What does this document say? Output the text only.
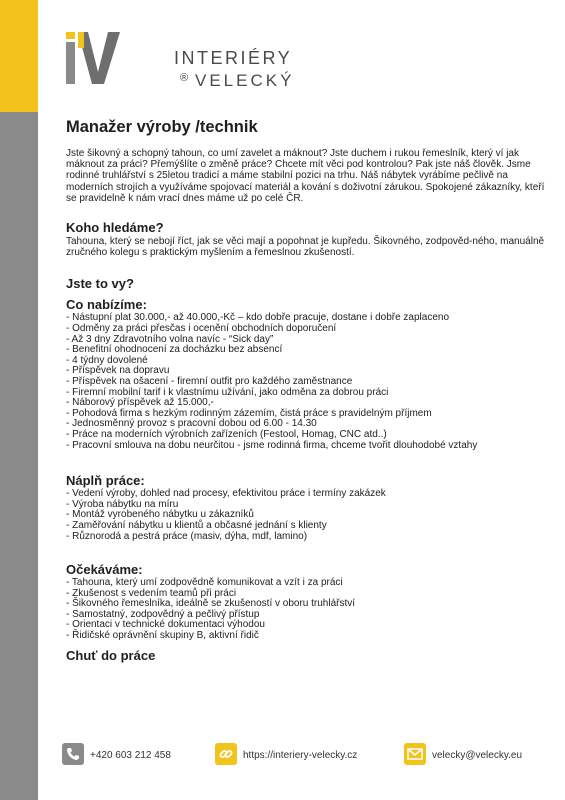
INTERIÉRY
® VELECKÝ
Manažer výroby /technik

Jste šikovný a schopný tahoun, co umí zavelet a máknout? Jste duchem i rukou řemeslník, který ví jak máknout za práci? Přemýšlíte o změně práce? Chcete mít věci pod kontrolou? Pak jste náš člověk. Jsme rodinné truhlářství s 25letou tradicí a máme stabilní pozici na trhu. Náš nábytek vyrábíme pečlivě na moderních strojích a využíváme spojovací materiál a kování s doživotní zárukou. Spokojené zákazníky, kteří se pravidelně k nám vrací dnes máme už po celé ČR.

Koho hledáme?

Tahouna, který se nebojí říct, jak se věci mají a popohnat je kupředu. Šikovného, zodpověd-ného, manuálně zručného kolegu s praktickým myšlením a řemeslnou zkušeností.

Jste to vy?
Co nabízíme:
- Nástupní plat 30.000,- až 40.000,-Kč – kdo dobře pracuje, dostane i dobře zaplaceno
- Odměny za práci přesčas i ocenění obchodních doporučení
- Až 3 dny Zdravotního volna navíc - “Sick day”
- Benefitní ohodnocení za docházku bez absencí
- 4 týdny dovolené
- Příspěvek na dopravu
- Příspěvek na ošacení - firemní outfit pro každého zaměstnance
- Firemní mobilní tarif i k vlastnímu užívání, jako odměna za dobrou práci
- Náborový příspěvek až 15.000,-
- Pohodová firma s hezkým rodinným zázemím, čistá práce s pravidelným příjmem
- Jednosměnný provoz s pracovní dobou od 6.00 - 14.30
- Práce na moderních výrobních zařízeních (Festool, Homag, CNC atd..)
- Pracovní smlouva na dobu neurčitou - jsme rodinná firma, chceme tvořit dlouhodobé vztahy
Náplň práce:
- Vedení výroby, dohled nad procesy, efektivitou práce i termíny zakázek
- Výroba nábytku na míru
- Montáž vyrobeného nábytku u zákazníků
- Zaměřování nábytku u klientů a občasné jednání s klienty
- Různorodá a pestrá práce (masiv, dýha, mdf, lamino)
Očekáváme:
- Tahouna, který umí zodpovědně komunikovat a vzít i za práci
- Zkušenost s vedením teamů při práci
- Šikovného řemeslníka, ideálně se zkušeností v oboru truhlářství
- Samostatný, zodpovědný a pečlivý přístup
- Orientaci v technické dokumentaci výhodou
- Řidičské oprávnění skupiny B, aktivní řidič
Chuť do práce
+420 603 212 458	https://interiery-velecky.cz	velecky@velecky.eu
